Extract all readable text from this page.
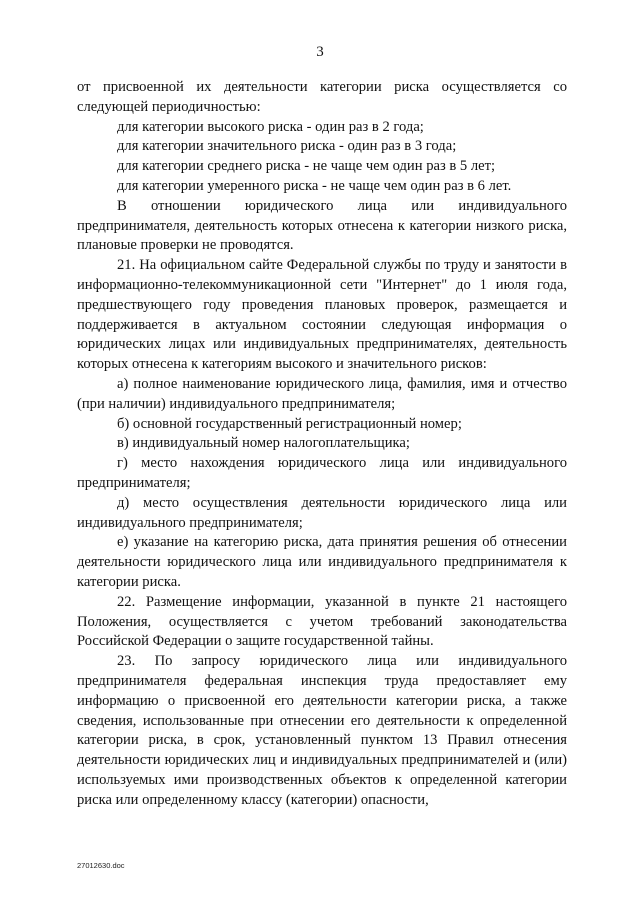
3

от присвоенной их деятельности категории риска осуществляется со следующей периодичностью:

для категории высокого риска - один раз в 2 года;

для категории значительного риска - один раз в 3 года;

для категории среднего риска - не чаще чем один раз в 5 лет;

для категории умеренного риска - не чаще чем один раз в 6 лет.

В отношении юридического лица или индивидуального предпринимателя, деятельность которых отнесена к категории низкого риска, плановые проверки не проводятся.

21. На официальном сайте Федеральной службы по труду и занятости в информационно-телекоммуникационной сети "Интернет" до 1 июля года, предшествующего году проведения плановых проверок, размещается и поддерживается в актуальном состоянии следующая информация о юридических лицах или индивидуальных предпринимателях, деятельность которых отнесена к категориям высокого и значительного рисков:

а) полное наименование юридического лица, фамилия, имя и отчество (при наличии) индивидуального предпринимателя;

б) основной государственный регистрационный номер;

в) индивидуальный номер налогоплательщика;

г) место нахождения юридического лица или индивидуального предпринимателя;

д) место осуществления деятельности юридического лица или индивидуального предпринимателя;

е) указание на категорию риска, дата принятия решения об отнесении деятельности юридического лица или индивидуального предпринимателя к категории риска.

22. Размещение информации, указанной в пункте 21 настоящего Положения, осуществляется с учетом требований законодательства Российской Федерации о защите государственной тайны.

23. По запросу юридического лица или индивидуального предпринимателя федеральная инспекция труда предоставляет ему информацию о присвоенной его деятельности категории риска, а также сведения, использованные при отнесении его деятельности к определенной категории риска, в срок, установленный пунктом 13 Правил отнесения деятельности юридических лиц и индивидуальных предпринимателей и (или) используемых ими производственных объектов к определенной категории риска или определенному классу (категории) опасности,

27012630.doc
